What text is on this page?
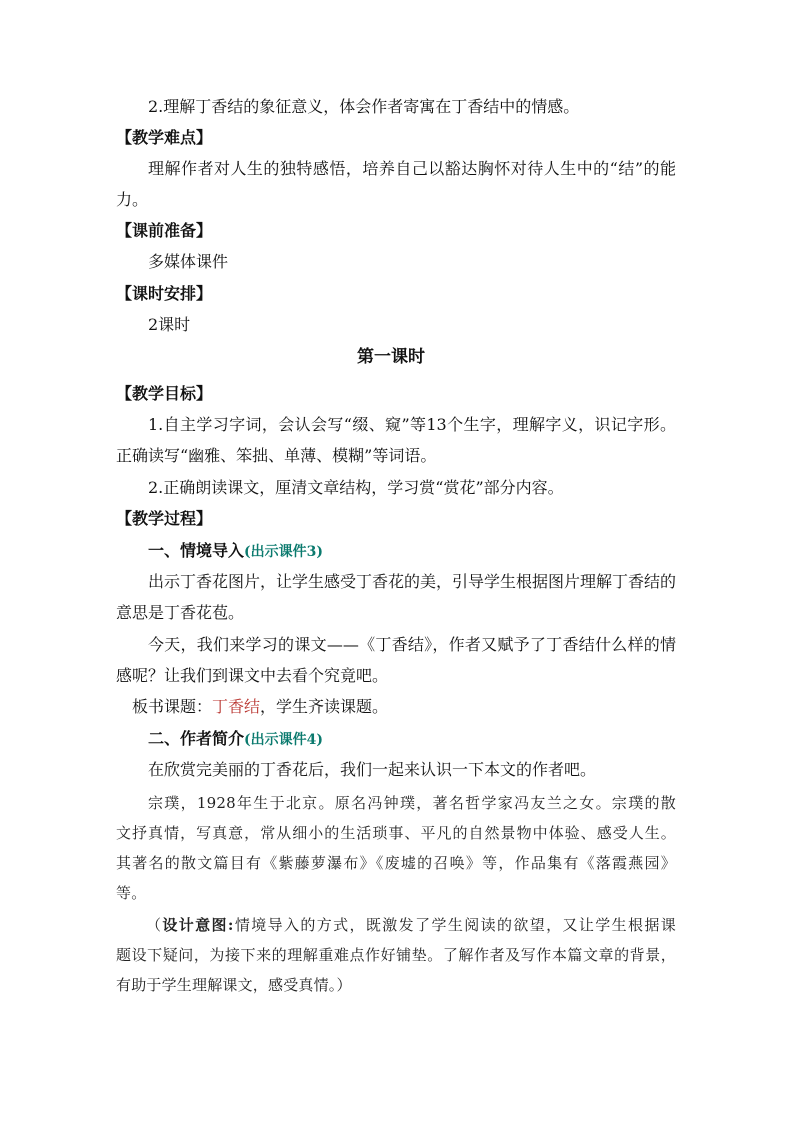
2.理解丁香结的象征意义，体会作者寄寓在丁香结中的情感。
【教学难点】
理解作者对人生的独特感悟，培养自己以豁达胸怀对待人生中的“结”的能
力。
【课前准备】
多媒体课件
【课时安排】
2课时
第一课时
【教学目标】
1.自主学习字词，会认会写“缀、窥”等13个生字，理解字义，识记字形。
正确读写“幽雅、笨拙、单薄、模糊”等词语。
2.正确朗读课文，厘清文章结构，学习赏“赏花”部分内容。
【教学过程】
一、情境导入(出示课件3)
出示丁香花图片，让学生感受丁香花的美，引导学生根据图片理解丁香结的
意思是丁香花苞。
今天，我们来学习的课文——《丁香结》，作者又赋予了丁香结什么样的情
感呢？让我们到课文中去看个究竟吧。
板书课题：丁香结，学生齐读课题。
二、作者简介(出示课件4)
在欣赏完美丽的丁香花后，我们一起来认识一下本文的作者吧。
宗璞，1928年生于北京。原名冯钟璞，著名哲学家冯友兰之女。宗璞的散
文抒真情，写真意，常从细小的生活琐事、平凡的自然景物中体验、感受人生。
其著名的散文篇目有《紫藤萝瀑布》《废墟的召唤》等，作品集有《落霞燕园》
等。
（设计意图:情境导入的方式，既激发了学生阅读的欲望，又让学生根据课
题设下疑问，为接下来的理解重难点作好铺垫。了解作者及写作本篇文章的背景，
有助于学生理解课文，感受真情。）
